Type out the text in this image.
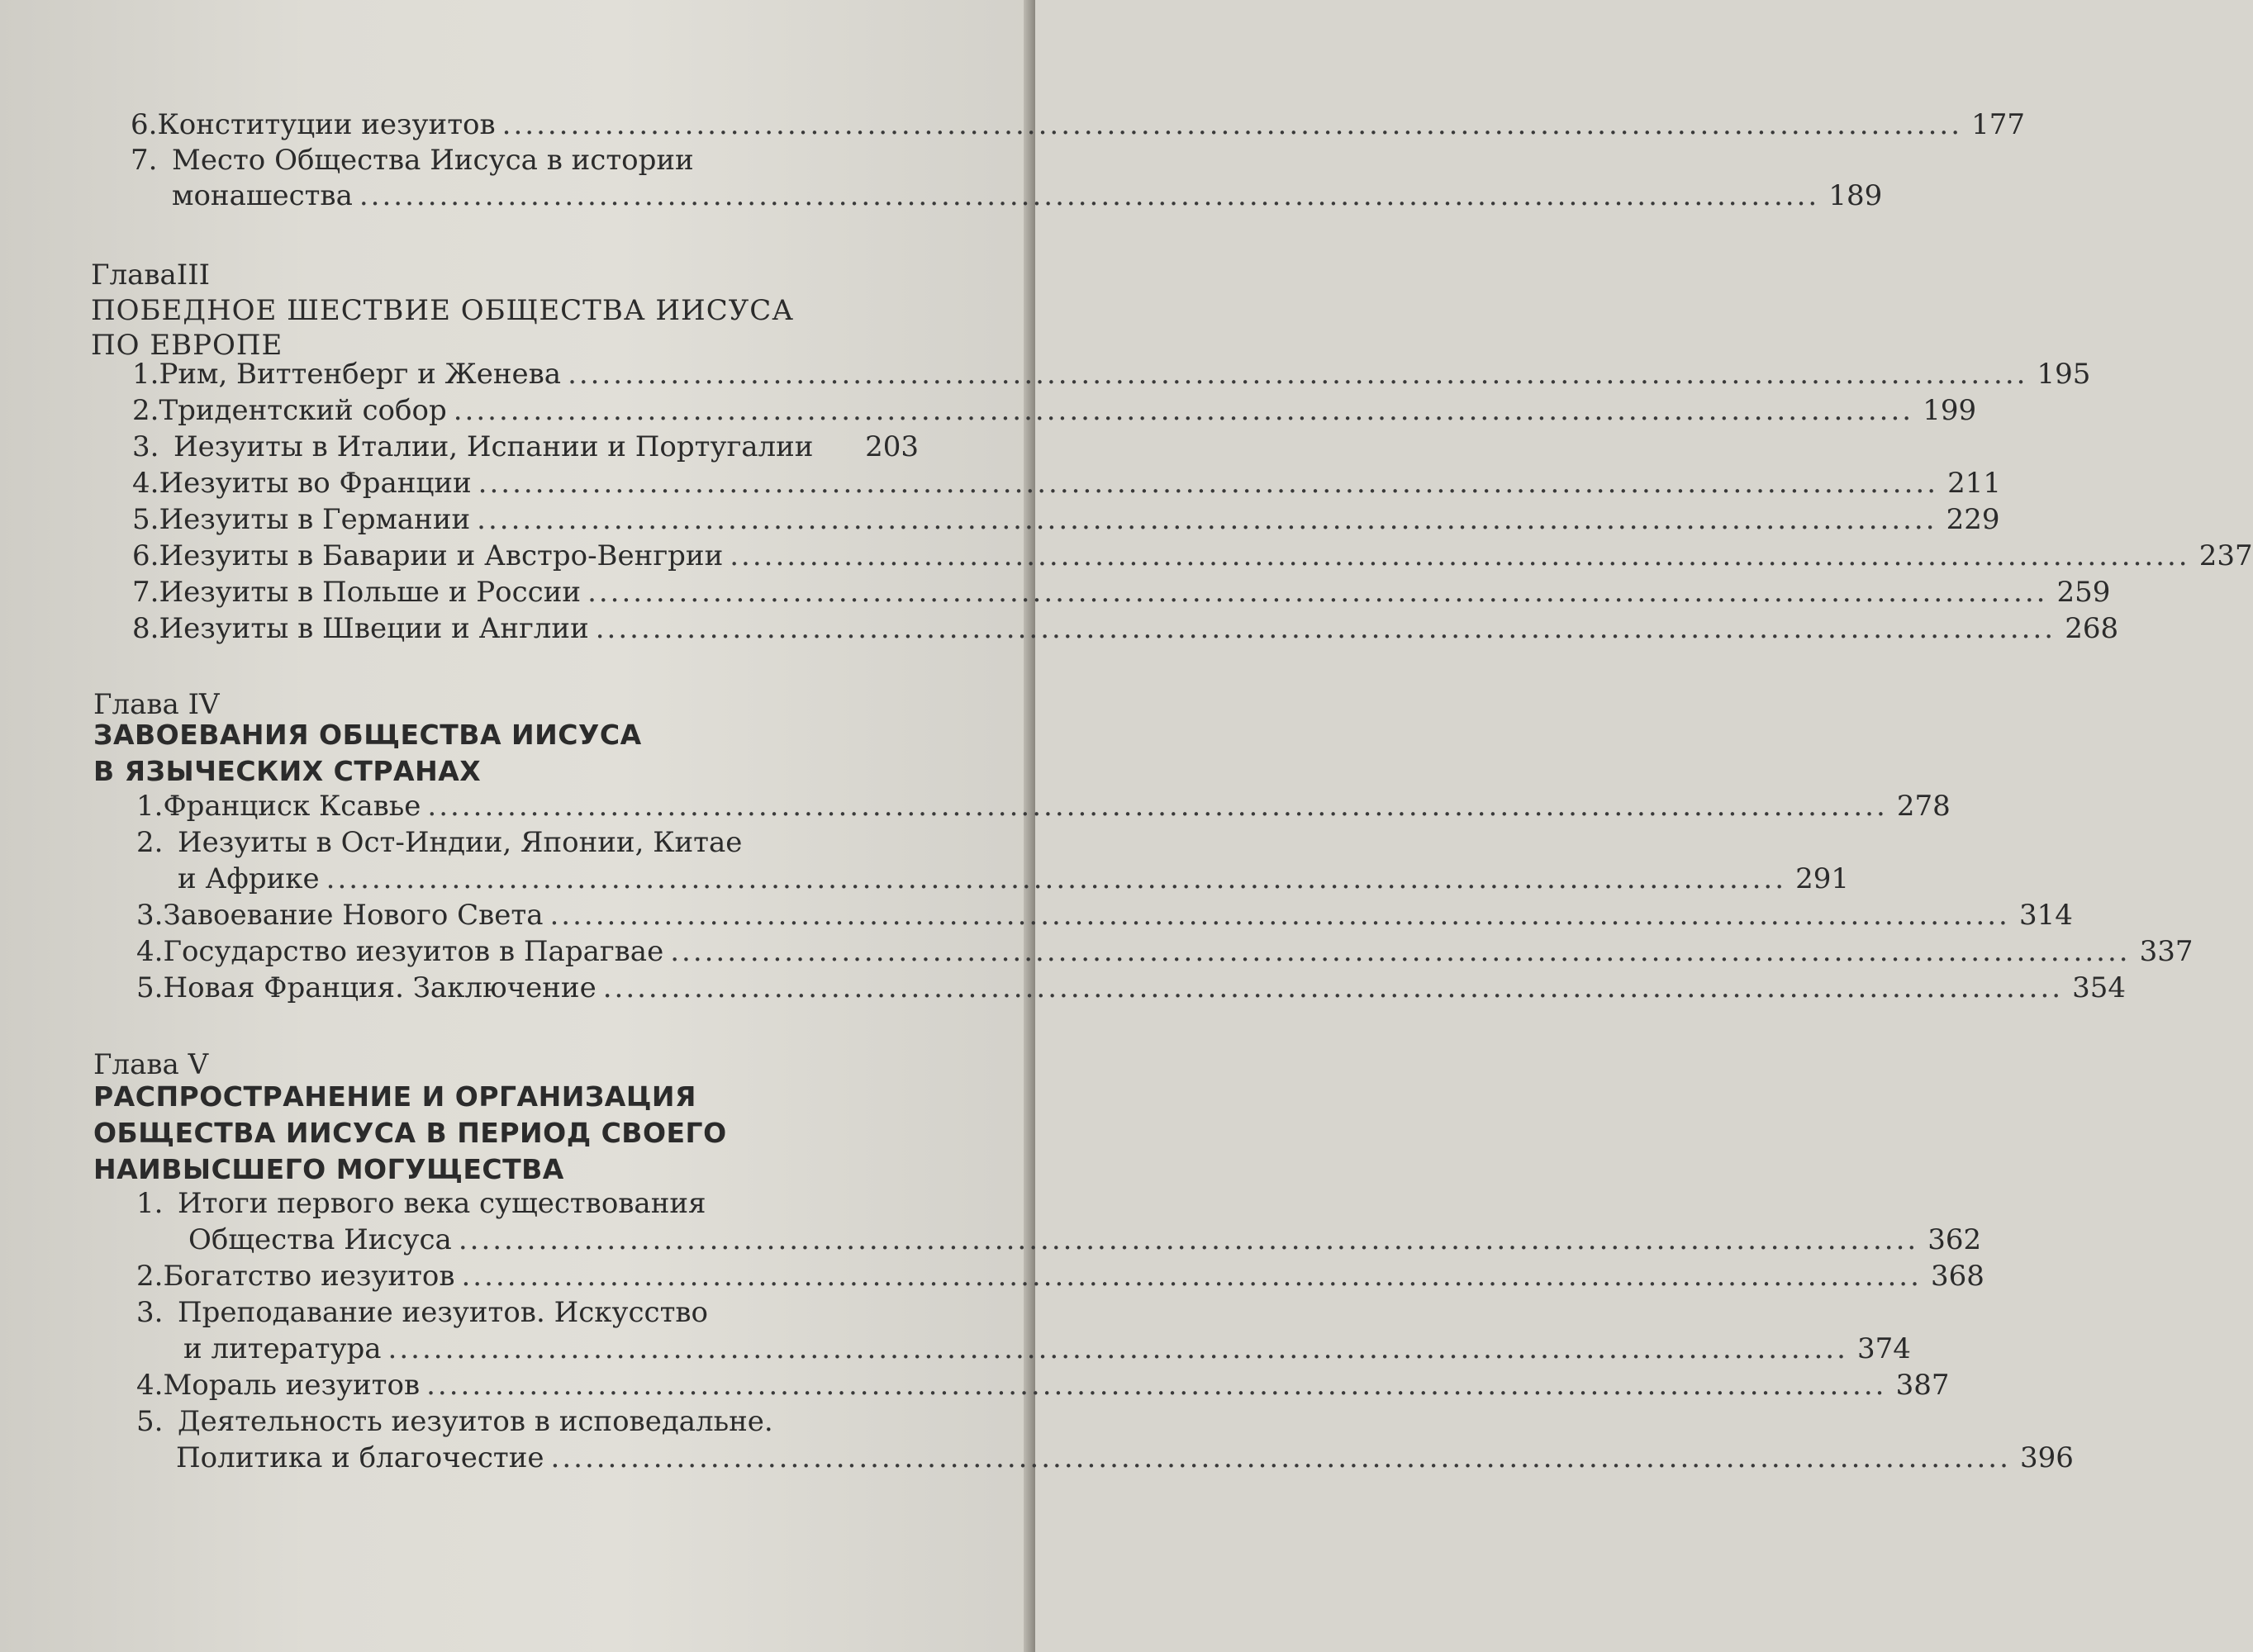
6. Конституции иезуитов ................................................................................................................................ 177
7. Место Общества Иисуса в истории
монашества ................................................................................................................................ 189
ГлаваIII
ПОБЕДНОЕ ШЕСТВИЕ ОБЩЕСТВА ИИСУСА
ПО ЕВРОПЕ
1. Рим, Виттенберг и Женева ................................................................................................................................ 195
2. Тридентский собор ................................................................................................................................ 199
3. Иезуиты в Италии, Испании и Португалии 203
4. Иезуиты во Франции ................................................................................................................................ 211
5. Иезуиты в Германии ................................................................................................................................ 229
6. Иезуиты в Баварии и Австро-Венгрии ................................................................................................................................ 237
7. Иезуиты в Польше и России ................................................................................................................................ 259
8. Иезуиты в Швеции и Англии ................................................................................................................................ 268
Глава IV
ЗАВОЕВАНИЯ ОБЩЕСТВА ИИСУСА
В ЯЗЫЧЕСКИХ СТРАНАХ
1. Франциск Ксавье ................................................................................................................................ 278
2. Иезуиты в Ост-Индии, Японии, Китае
и Африке ................................................................................................................................ 291
3. Завоевание Нового Света ................................................................................................................................ 314
4. Государство иезуитов в Парагвае ................................................................................................................................ 337
5. Новая Франция. Заключение ................................................................................................................................ 354
Глава V
РАСПРОСТРАНЕНИЕ И ОРГАНИЗАЦИЯ
ОБЩЕСТВА ИИСУСА В ПЕРИОД СВОЕГО
НАИВЫСШЕГО МОГУЩЕСТВА
1. Итоги первого века существования
Общества Иисуса ................................................................................................................................ 362
2. Богатство иезуитов ................................................................................................................................ 368
3. Преподавание иезуитов. Искусство
и литература ................................................................................................................................ 374
4. Мораль иезуитов ................................................................................................................................ 387
5. Деятельность иезуитов в исповедальне.
Политика и благочестие ................................................................................................................................ 396
